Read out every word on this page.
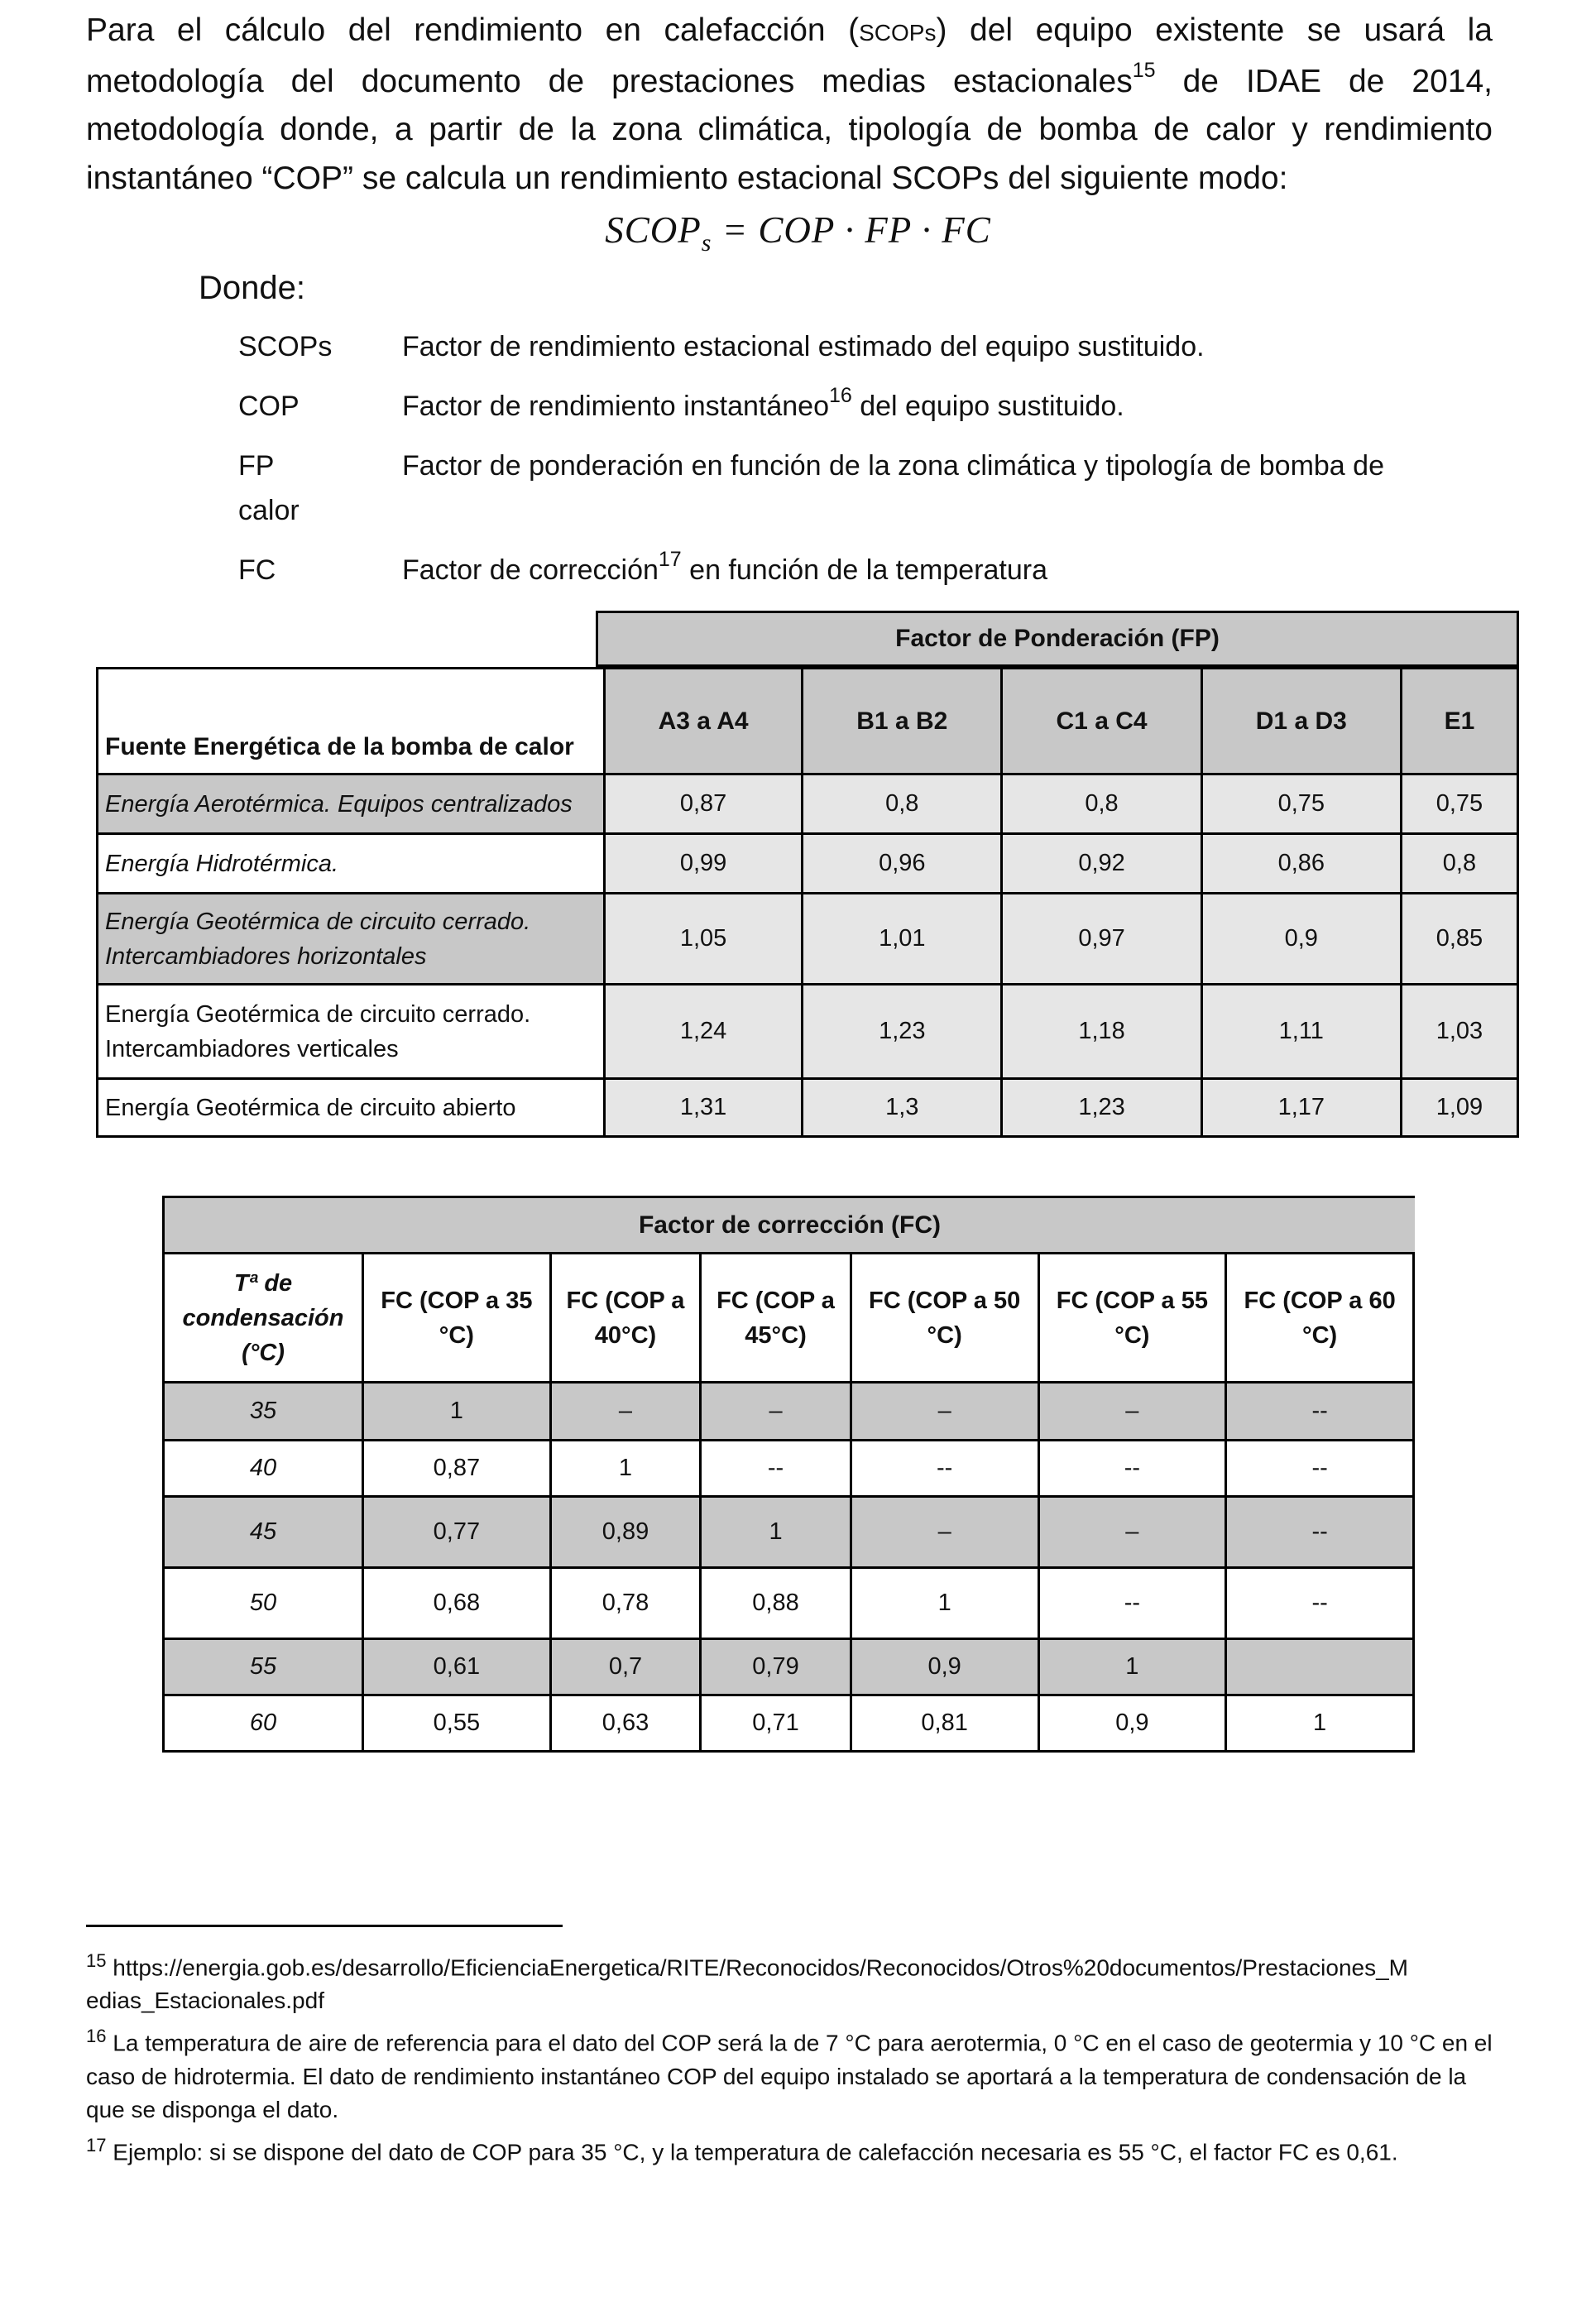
Para el cálculo del rendimiento en calefacción (SCOPs) del equipo existente se usará la metodología del documento de prestaciones medias estacionales$^{15}$ de IDAE de 2014, metodología donde, a partir de la zona climática, tipología de bomba de calor y rendimiento instantáneo “COP” se calcula un rendimiento estacional SCOPs del siguiente modo:
$SCOP_s$ = COP · FP · FC
Donde:
SCOPs Factor de rendimiento estacional estimado del equipo sustituido.
COP	Factor de rendimiento instantáneo$^{16}$ del equipo sustituido.
FP	Factor de ponderación en función de la zona climática y tipología de bomba de
calor
FC	Factor de corrección$^{17}$ en función de la temperatura
Factor de Ponderación (FP)
Fuente Energética de la bomba de calor	A3 a A4	B1 a B2	C1 a C4	D1 a D3	E1
Energía Aerotérmica. Equipos centralizados	0,87	0,8	0,8	0,75	0,75
Energía Hidrotérmica.	0,99	0,96	0,92	0,86	0,8
Energía Geotérmica de circuito cerrado.
Intercambiadores horizontales	1,05	1,01	0,97	0,9	0,85
Energía Geotérmica de circuito cerrado.
Intercambiadores verticales	1,24	1,23	1,18	1,11	1,03
Energía Geotérmica de circuito abierto	1,31	1,3	1,23	1,17	1,09
Factor de corrección (FC)
Tª de
condensación
(°C)	FC (COP a 35
°C)	FC (COP a
40°C)	FC (COP a
45°C)	FC (COP a 50
°C)	FC (COP a 55
°C)	FC (COP a 60
°C)
35	1	–	–	–	–	--
40	0,87	1	--	--	--	--
45	0,77	0,89	1	–	–	--
50	0,68	0,78	0,88	1	--	--
55	0,61	0,7	0,79	0,9	1	
60	0,55	0,63	0,71	0,81	0,9	1

$^{15}$ https://energia.gob.es/desarrollo/EficienciaEnergetica/RITE/Reconocidos/Reconocidos/Otros%20documentos/Prestaciones_M
edias_Estacionales.pdf

$^{16}$ La temperatura de aire de referencia para el dato del COP será la de 7 °C para aerotermia, 0 °C en el caso de geotermia y 10 °C en el caso de hidrotermia. El dato de rendimiento instantáneo COP del equipo instalado se aportará a la temperatura de condensación de la que se disponga el dato.

$^{17}$ Ejemplo: si se dispone del dato de COP para 35 °C, y la temperatura de calefacción necesaria es 55 °C, el factor FC es 0,61.
